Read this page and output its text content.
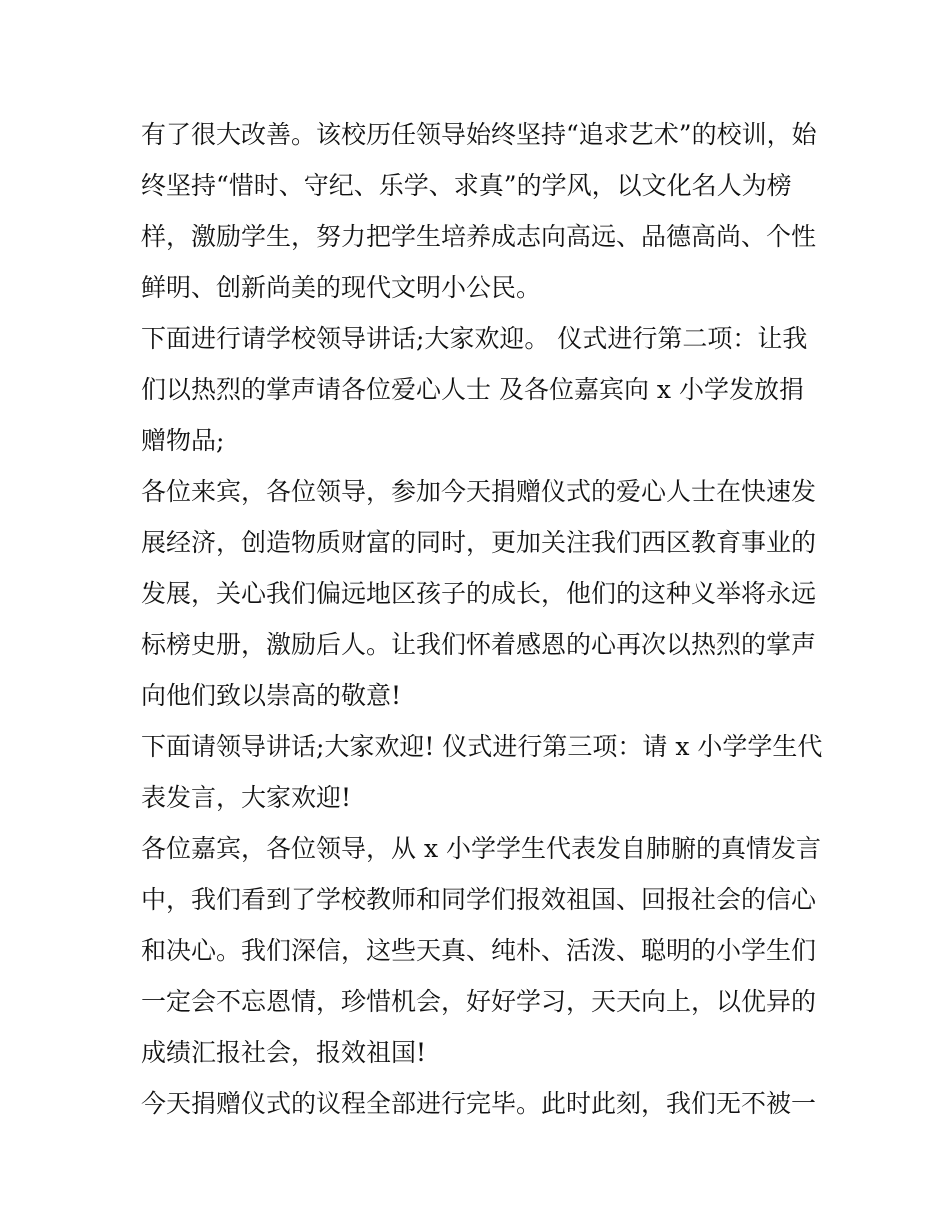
有了很大改善。该校历任领导始终坚持“追求艺术”的校训，始
终坚持“惜时、守纪、乐学、求真”的学风，以文化名人为榜
样，激励学生，努力把学生培养成志向高远、品德高尚、个性
鲜明、创新尚美的现代文明小公民。
下面进行请学校领导讲话;大家欢迎。 仪式进行第二项：让我
们以热烈的掌声请各位爱心人士 及各位嘉宾向 x 小学发放捐
赠物品;
各位来宾，各位领导，参加今天捐赠仪式的爱心人士在快速发
展经济，创造物质财富的同时，更加关注我们西区教育事业的
发展，关心我们偏远地区孩子的成长，他们的这种义举将永远
标榜史册，激励后人。让我们怀着感恩的心再次以热烈的掌声
向他们致以崇高的敬意!
下面请领导讲话;大家欢迎! 仪式进行第三项：请 x 小学学生代
表发言，大家欢迎!
各位嘉宾，各位领导，从 x 小学学生代表发自肺腑的真情发言
中，我们看到了学校教师和同学们报效祖国、回报社会的信心
和决心。我们深信，这些天真、纯朴、活泼、聪明的小学生们
一定会不忘恩情，珍惜机会，好好学习，天天向上，以优异的
成绩汇报社会，报效祖国!
今天捐赠仪式的议程全部进行完毕。此时此刻，我们无不被一
